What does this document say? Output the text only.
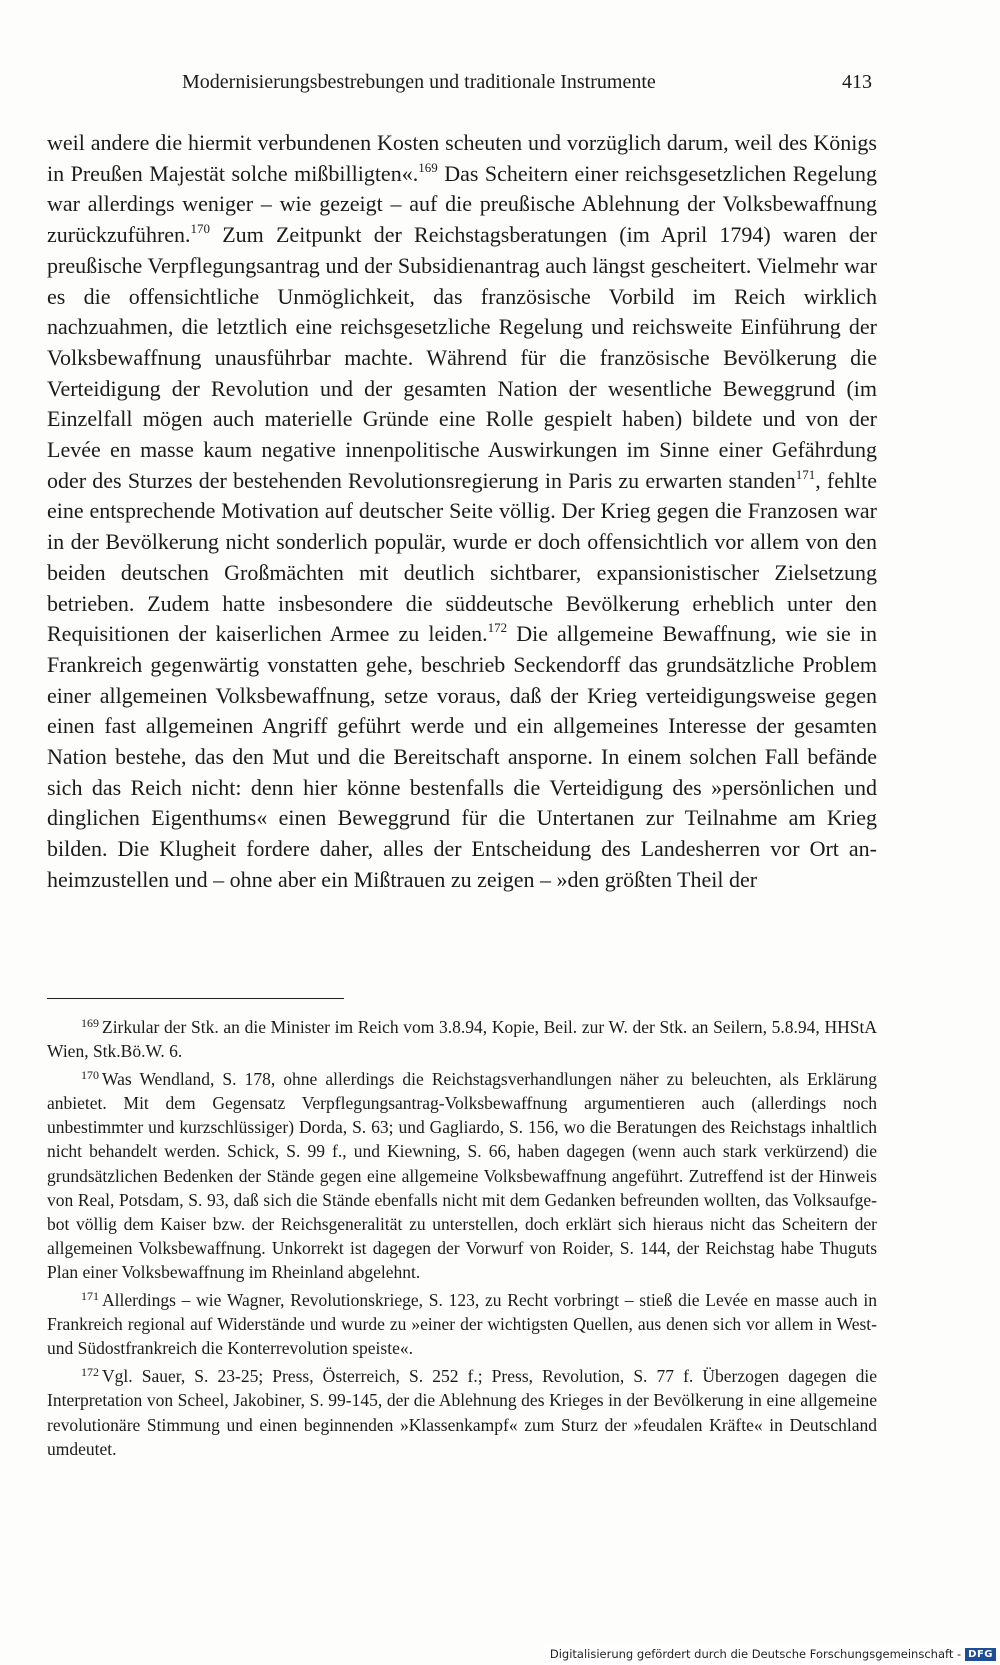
Modernisierungsbestrebungen und traditionale Instrumente	413

weil andere die hiermit verbundenen Kosten scheuten und vorzüglich darum, weil des Königs in Preußen Majestät solche mißbilligten«.$^{169}$ Das Scheitern einer reichsgesetzlichen Regelung war allerdings weniger – wie gezeigt – auf die preußische Ablehnung der Volksbewaffnung zurückzuführen.$^{170}$ Zum Zeitpunkt der Reichstagsberatungen (im April 1794) waren der preußische Verpflegungsantrag und der Subsidienantrag auch längst gescheitert. Vielmehr war es die offensichtliche Unmöglichkeit, das französische Vorbild im Reich wirklich nachzuahmen, die letztlich eine reichsgesetzliche Regelung und reichsweite Einführung der Volksbewaffnung unausführbar machte. Während für die französische Bevölkerung die Verteidigung der Revolution und der gesamten Nation der wesentliche Beweggrund (im Einzelfall mögen auch materielle Gründe eine Rolle gespielt haben) bildete und von der Levée en masse kaum negative innenpolitische Auswirkungen im Sinne einer Gefährdung oder des Sturzes der bestehenden Revolutionsregierung in Paris zu erwarten standen$^{171}$, fehlte eine entsprechende Motivation auf deutscher Seite völlig. Der Krieg gegen die Franzosen war in der Bevölkerung nicht sonderlich populär, wurde er doch offensichtlich vor allem von den beiden deutschen Großmächten mit deutlich sichtbarer, expansionistischer Zielsetzung betrieben. Zudem hatte insbesondere die süddeutsche Bevölkerung erheblich unter den Requisitionen der kaiserlichen Armee zu leiden.$^{172}$ Die allgemeine Bewaffnung, wie sie in Frankreich gegenwärtig vonstatten gehe, beschrieb Seckendorff das grundsätzliche Problem einer allgemeinen Volksbewaffnung, setze voraus, daß der Krieg verteidigungsweise gegen einen fast allgemeinen Angriff geführt werde und ein allgemeines Interesse der gesamten Nation bestehe, das den Mut und die Bereitschaft ansporne. In einem solchen Fall befände sich das Reich nicht: denn hier könne bestenfalls die Verteidigung des »persönlichen und dinglichen Eigenthums« einen Beweggrund für die Untertanen zur Teilnahme am Krieg bilden. Die Klugheit fordere daher, alles der Entscheidung des Landesherren vor Ort anheimzustellen und – ohne aber ein Mißtrauen zu zeigen – »den größten Theil der

$^{169}$ Zirkular der Stk. an die Minister im Reich vom 3.8.94, Kopie, Beil. zur W. der Stk. an Seilern, 5.8.94, HHStA Wien, Stk.Bö.W. 6.

$^{170}$ Was Wendland, S. 178, ohne allerdings die Reichstagsverhandlungen näher zu beleuchten, als Erklärung anbietet. Mit dem Gegensatz Verpflegungsantrag-Volksbewaffnung argumentieren auch (allerdings noch unbestimmter und kurzschlüssiger) Dorda, S. 63; und Gagliardo, S. 156, wo die Beratungen des Reichstags inhaltlich nicht behandelt werden. Schick, S. 99 f., und Kiewning, S. 66, haben dagegen (wenn auch stark verkürzend) die grundsätzlichen Bedenken der Stände gegen eine allgemeine Volksbewaffnung angeführt. Zutreffend ist der Hinweis von Real, Potsdam, S. 93, daß sich die Stände ebenfalls nicht mit dem Gedanken befreunden wollten, das Volksaufgebot völlig dem Kaiser bzw. der Reichsgeneralität zu unterstellen, doch erklärt sich hieraus nicht das Scheitern der allgemeinen Volksbewaffnung. Unkorrekt ist dagegen der Vorwurf von Roider, S. 144, der Reichstag habe Thuguts Plan einer Volksbewaffnung im Rheinland abgelehnt.

$^{171}$ Allerdings – wie Wagner, Revolutionskriege, S. 123, zu Recht vorbringt – stieß die Levée en masse auch in Frankreich regional auf Widerstände und wurde zu »einer der wichtigsten Quellen, aus denen sich vor allem in West- und Südostfrankreich die Konterrevolution speiste«.

$^{172}$ Vgl. Sauer, S. 23-25; Press, Österreich, S. 252 f.; Press, Revolution, S. 77 f. Überzogen dagegen die Interpretation von Scheel, Jakobiner, S. 99-145, der die Ablehnung des Krieges in der Bevölkerung in eine allgemeine revolutionäre Stimmung und einen beginnenden »Klassenkampf« zum Sturz der »feudalen Kräfte« in Deutschland umdeutet.

Digitalisierung gefördert durch die Deutsche Forschungsgemeinschaft - DFG
